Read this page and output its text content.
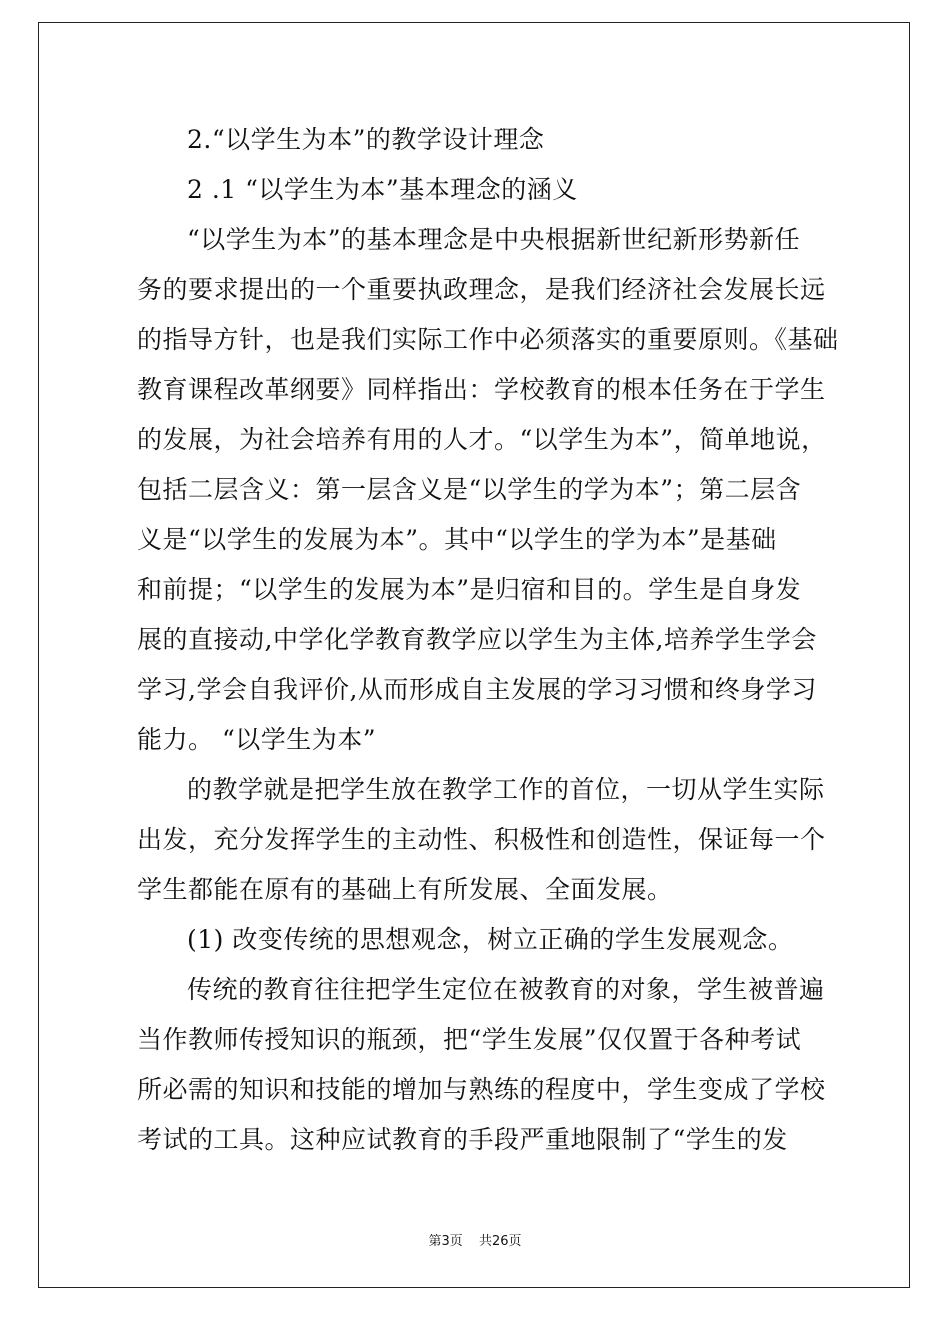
2.“以学生为本”的教学设计理念
2 .1 “以学生为本”基本理念的涵义
“以学生为本”的基本理念是中央根据新世纪新形势新任
务的要求提出的一个重要执政理念，是我们经济社会发展长远
的指导方针，也是我们实际工作中必须落实的重要原则。《基础
教育课程改革纲要》同样指出：学校教育的根本任务在于学生
的发展，为社会培养有用的人才。“以学生为本”，简单地说，
包括二层含义：第一层含义是“以学生的学为本”；第二层含
义是“以学生的发展为本”。其中“以学生的学为本”是基础
和前提；“以学生的发展为本”是归宿和目的。学生是自身发
展的直接动,中学化学教育教学应以学生为主体,培养学生学会
学习,学会自我评价,从而形成自主发展的学习习惯和终身学习
能力。 “以学生为本”
的教学就是把学生放在教学工作的首位，一切从学生实际
出发，充分发挥学生的主动性、积极性和创造性，保证每一个
学生都能在原有的基础上有所发展、全面发展。
(1) 改变传统的思想观念，树立正确的学生发展观念。
传统的教育往往把学生定位在被教育的对象，学生被普遍
当作教师传授知识的瓶颈，把“学生发展”仅仅置于各种考试
所必需的知识和技能的增加与熟练的程度中，学生变成了学校
考试的工具。这种应试教育的手段严重地限制了“学生的发
第3页 共26页
